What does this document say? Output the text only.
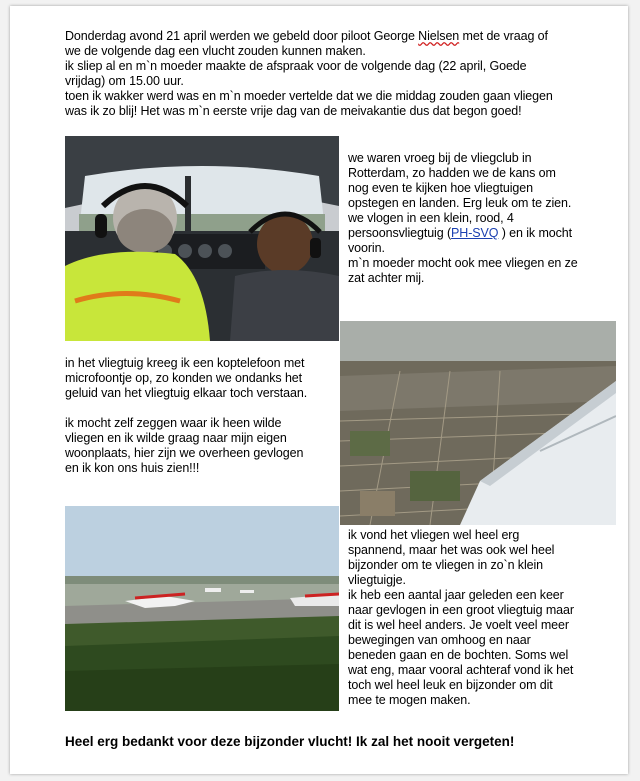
Donderdag avond 21 april werden we gebeld door piloot George Nielsen met de vraag of

we de volgende dag een vlucht zouden kunnen maken.

ik sliep al en m`n moeder maakte de afspraak voor de volgende dag (22 april, Goede

vrijdag) om 15.00 uur.

toen ik wakker werd was en m`n moeder vertelde dat we die middag zouden gaan vliegen

was ik zo blij! Het was m`n eerste vrije dag van de meivakantie dus dat begon goed!

we waren vroeg bij de vliegclub in

Rotterdam, zo hadden we de kans om

nog even te kijken hoe vliegtuigen

opstegen en landen. Erg leuk om te zien.

we vlogen in een klein, rood, 4

persoonsvliegtuig (PH-SVQ ) en ik mocht

voorin.

m`n moeder mocht ook mee vliegen en ze

zat achter mij.

in het vliegtuig kreeg ik een koptelefoon met

microfoontje op, zo konden we ondanks het

geluid van het vliegtuig elkaar toch verstaan.

ik mocht zelf zeggen waar ik heen wilde

vliegen en ik wilde graag naar mijn eigen

woonplaats, hier zijn we overheen gevlogen

en ik kon ons huis zien!!!

ik vond het vliegen wel heel erg

spannend, maar het was ook wel heel

bijzonder om te vliegen in zo`n klein

vliegtuigje.

ik heb een aantal jaar geleden een keer

naar gevlogen in een groot vliegtuig maar

dit is wel heel anders. Je voelt veel meer

bewegingen van omhoog en naar

beneden gaan en de bochten. Soms wel

wat eng, maar vooral achteraf vond ik het

toch wel heel leuk en bijzonder om dit

mee te mogen maken.

Heel erg bedankt voor deze bijzonder vlucht! Ik zal het nooit vergeten!
